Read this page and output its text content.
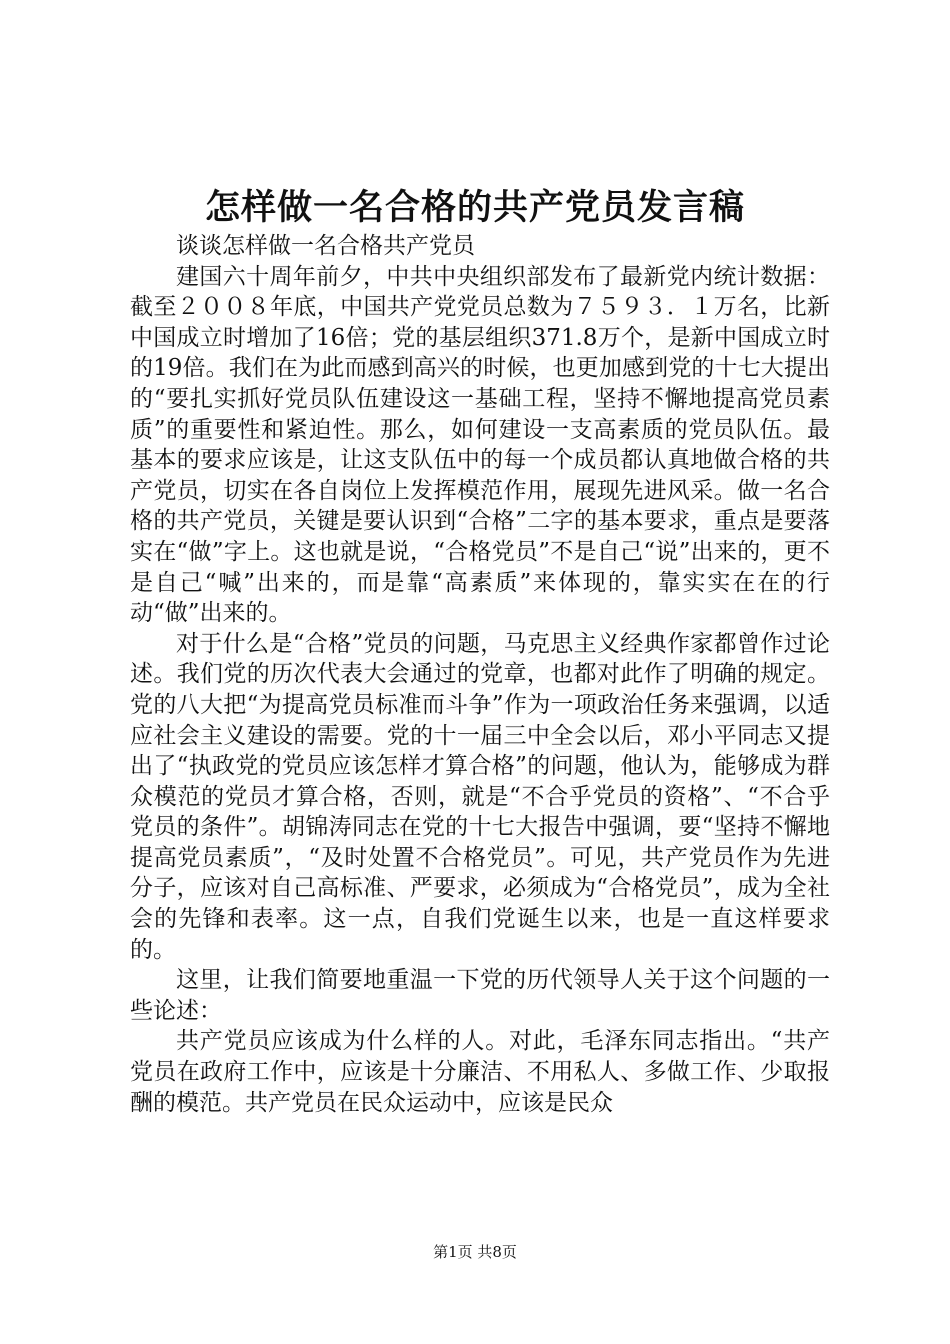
怎样做一名合格的共产党员发言稿

谈谈怎样做一名合格共产党员

建国六十周年前夕，中共中央组织部发布了最新党内统计数据：截至２００８年底，中国共产党党员总数为７５９３．１万名，比新中国成立时增加了16倍；党的基层组织371.8万个，是新中国成立时的19倍。我们在为此而感到高兴的时候，也更加感到党的十七大提出的“要扎实抓好党员队伍建设这一基础工程，坚持不懈地提高党员素质”的重要性和紧迫性。那么，如何建设一支高素质的党员队伍。最基本的要求应该是，让这支队伍中的每一个成员都认真地做合格的共产党员，切实在各自岗位上发挥模范作用，展现先进风采。做一名合格的共产党员，关键是要认识到“合格”二字的基本要求，重点是要落实在“做”字上。这也就是说，“合格党员”不是自己“说”出来的，更不是自己“喊”出来的，而是靠“高素质”来体现的，靠实实在在的行动“做”出来的。

对于什么是“合格”党员的问题，马克思主义经典作家都曾作过论述。我们党的历次代表大会通过的党章，也都对此作了明确的规定。党的八大把“为提高党员标准而斗争”作为一项政治任务来强调，以适应社会主义建设的需要。党的十一届三中全会以后，邓小平同志又提出了“执政党的党员应该怎样才算合格”的问题，他认为，能够成为群众模范的党员才算合格，否则，就是“不合乎党员的资格”、“不合乎党员的条件”。胡锦涛同志在党的十七大报告中强调，要“坚持不懈地提高党员素质”，“及时处置不合格党员”。可见，共产党员作为先进分子，应该对自己高标准、严要求，必须成为“合格党员”，成为全社会的先锋和表率。这一点，自我们党诞生以来，也是一直这样要求的。

这里，让我们简要地重温一下党的历代领导人关于这个问题的一些论述：

共产党员应该成为什么样的人。对此，毛泽东同志指出。“共产党员在政府工作中，应该是十分廉洁、不用私人、多做工作、少取报酬的模范。共产党员在民众运动中，应该是民众

第1页 共8页
